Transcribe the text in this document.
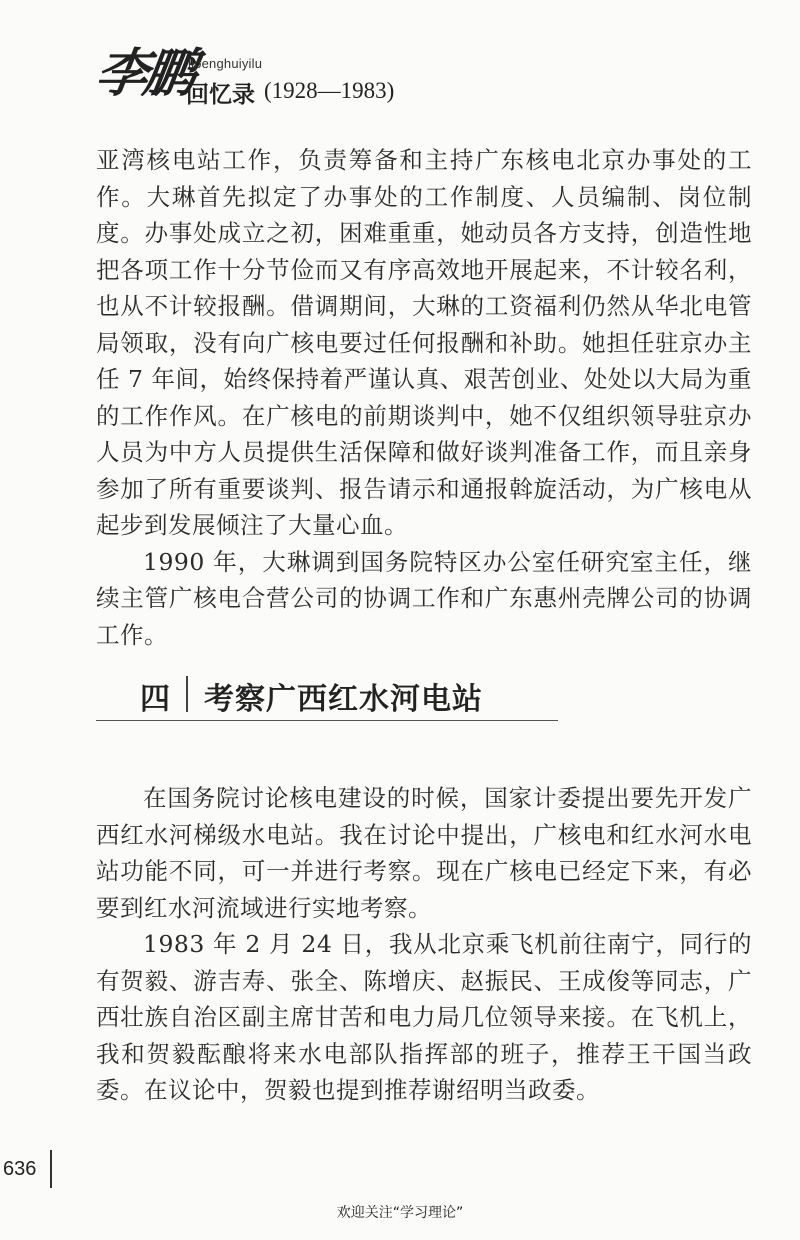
李鹏
lipenghuiyilu
回忆录 (1928—1983)

亚湾核电站工作，负责筹备和主持广东核电北京办事处的工作。大琳首先拟定了办事处的工作制度、人员编制、岗位制度。办事处成立之初，困难重重，她动员各方支持，创造性地把各项工作十分节俭而又有序高效地开展起来，不计较名利，也从不计较报酬。借调期间，大琳的工资福利仍然从华北电管局领取，没有向广核电要过任何报酬和补助。她担任驻京办主任 7 年间，始终保持着严谨认真、艰苦创业、处处以大局为重的工作作风。在广核电的前期谈判中，她不仅组织领导驻京办人员为中方人员提供生活保障和做好谈判准备工作，而且亲身参加了所有重要谈判、报告请示和通报斡旋活动，为广核电从起步到发展倾注了大量心血。

1990 年，大琳调到国务院特区办公室任研究室主任，继续主管广核电合营公司的协调工作和广东惠州壳牌公司的协调工作。

四 考察广西红水河电站

在国务院讨论核电建设的时候，国家计委提出要先开发广西红水河梯级水电站。我在讨论中提出，广核电和红水河水电站功能不同，可一并进行考察。现在广核电已经定下来，有必要到红水河流域进行实地考察。

1983 年 2 月 24 日，我从北京乘飞机前往南宁，同行的有贺毅、游吉寿、张全、陈增庆、赵振民、王成俊等同志，广西壮族自治区副主席甘苦和电力局几位领导来接。在飞机上，我和贺毅酝酿将来水电部队指挥部的班子，推荐王干国当政委。在议论中，贺毅也提到推荐谢绍明当政委。

636
欢迎关注“学习理论”
